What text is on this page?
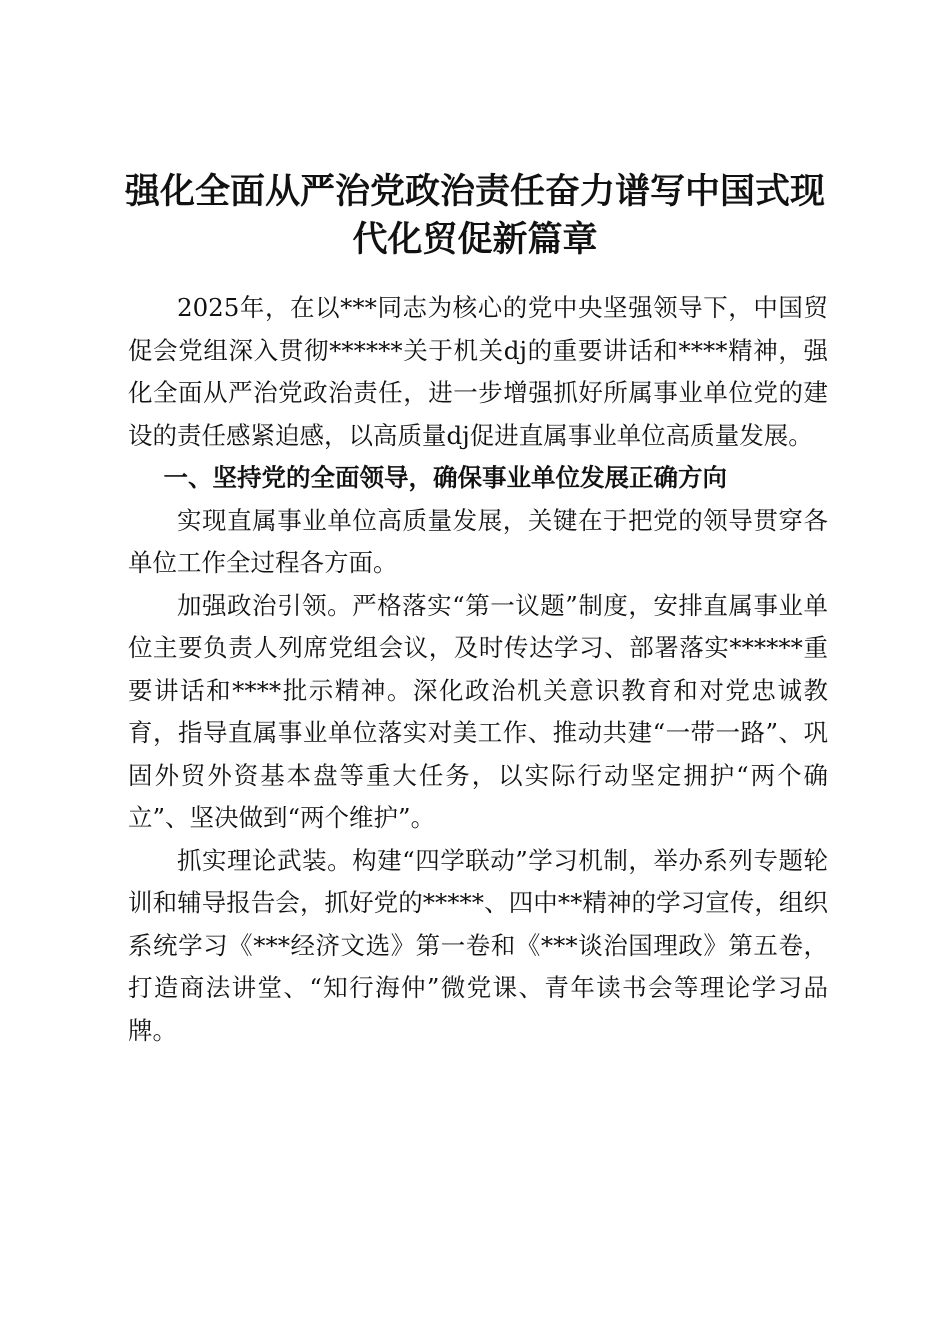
强化全面从严治党政治责任奋力谱写中国式现
代化贸促新篇章

2025年，在以***同志为核心的党中央坚强领导下，中国贸促会党组深入贯彻******关于机关dj的重要讲话和****精神，强化全面从严治党政治责任，进一步增强抓好所属事业单位党的建设的责任感紧迫感，以高质量dj促进直属事业单位高质量发展。

一、坚持党的全面领导，确保事业单位发展正确方向

实现直属事业单位高质量发展，关键在于把党的领导贯穿各单位工作全过程各方面。

加强政治引领。严格落实“第一议题”制度，安排直属事业单位主要负责人列席党组会议，及时传达学习、部署落实******重要讲话和****批示精神。深化政治机关意识教育和对党忠诚教育，指导直属事业单位落实对美工作、推动共建“一带一路”、巩固外贸外资基本盘等重大任务，以实际行动坚定拥护“两个确立”、坚决做到“两个维护”。

抓实理论武装。构建“四学联动”学习机制，举办系列专题轮训和辅导报告会，抓好党的*****、四中**精神的学习宣传，组织系统学习《***经济文选》第一卷和《***谈治国理政》第五卷，打造商法讲堂、“知行海仲”微党课、青年读书会等理论学习品牌。
